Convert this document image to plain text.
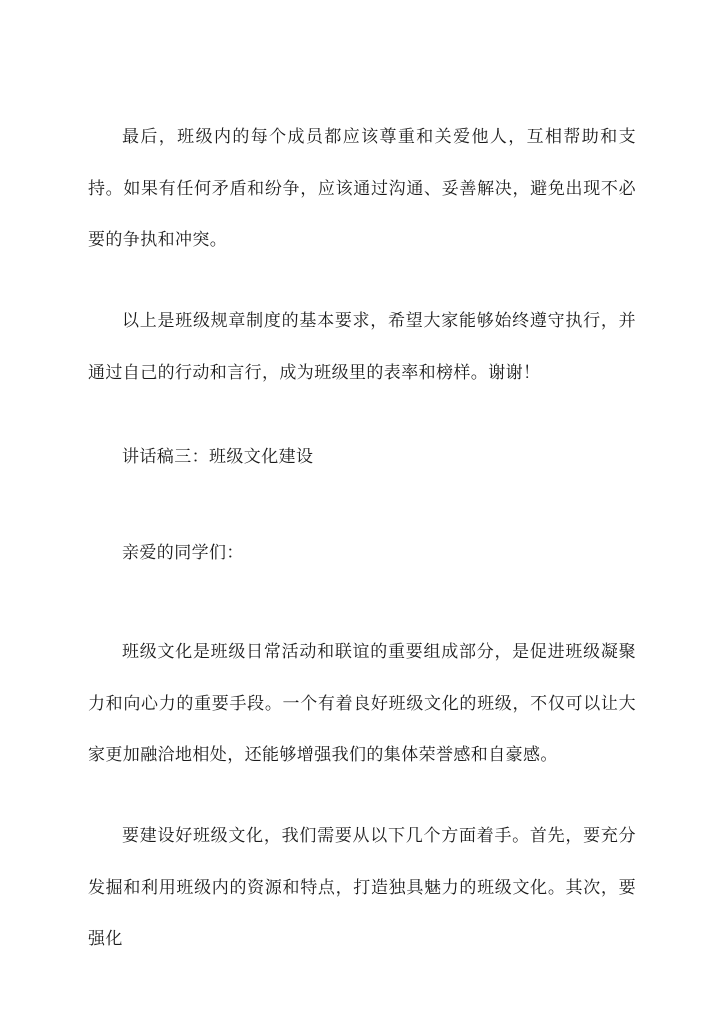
最后，班级内的每个成员都应该尊重和关爱他人，互相帮助和支持。如果有任何矛盾和纷争，应该通过沟通、妥善解决，避免出现不必要的争执和冲突。

以上是班级规章制度的基本要求，希望大家能够始终遵守执行，并通过自己的行动和言行，成为班级里的表率和榜样。谢谢！

讲话稿三：班级文化建设

亲爱的同学们：

班级文化是班级日常活动和联谊的重要组成部分，是促进班级凝聚力和向心力的重要手段。一个有着良好班级文化的班级，不仅可以让大家更加融洽地相处，还能够增强我们的集体荣誉感和自豪感。

要建设好班级文化，我们需要从以下几个方面着手。首先，要充分发掘和利用班级内的资源和特点，打造独具魅力的班级文化。其次，要强化
